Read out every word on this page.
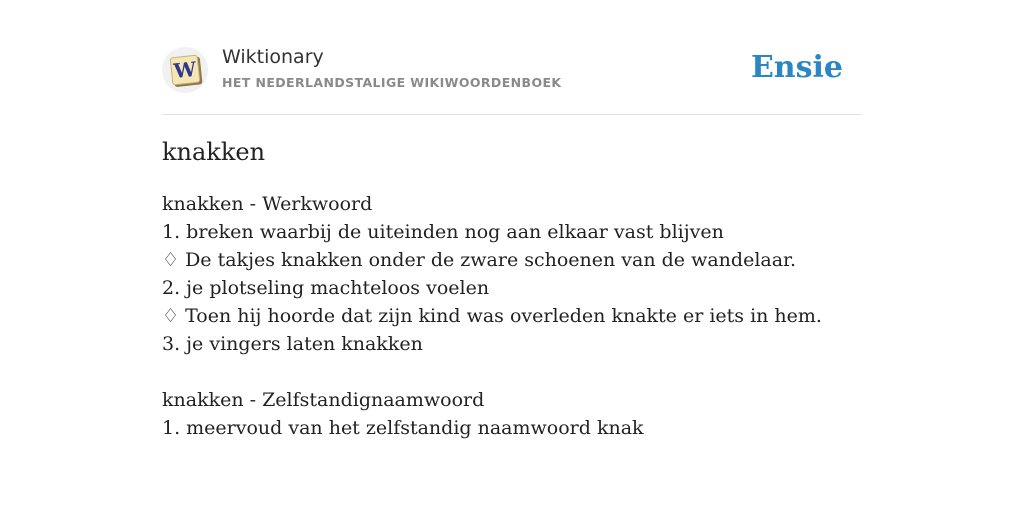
W Wiktionary
HET NEDERLANDSTALIGE WIKIWOORDENBOEK	Ensie
knakken
knakken - Werkwoord
1. breken waarbij de uiteinden nog aan elkaar vast blijven
♢ De takjes knakken onder de zware schoenen van de wandelaar.
2. je plotseling machteloos voelen
♢ Toen hij hoorde dat zijn kind was overleden knakte er iets in hem.
3. je vingers laten knakken
knakken - Zelfstandignaamwoord
1. meervoud van het zelfstandig naamwoord knak
